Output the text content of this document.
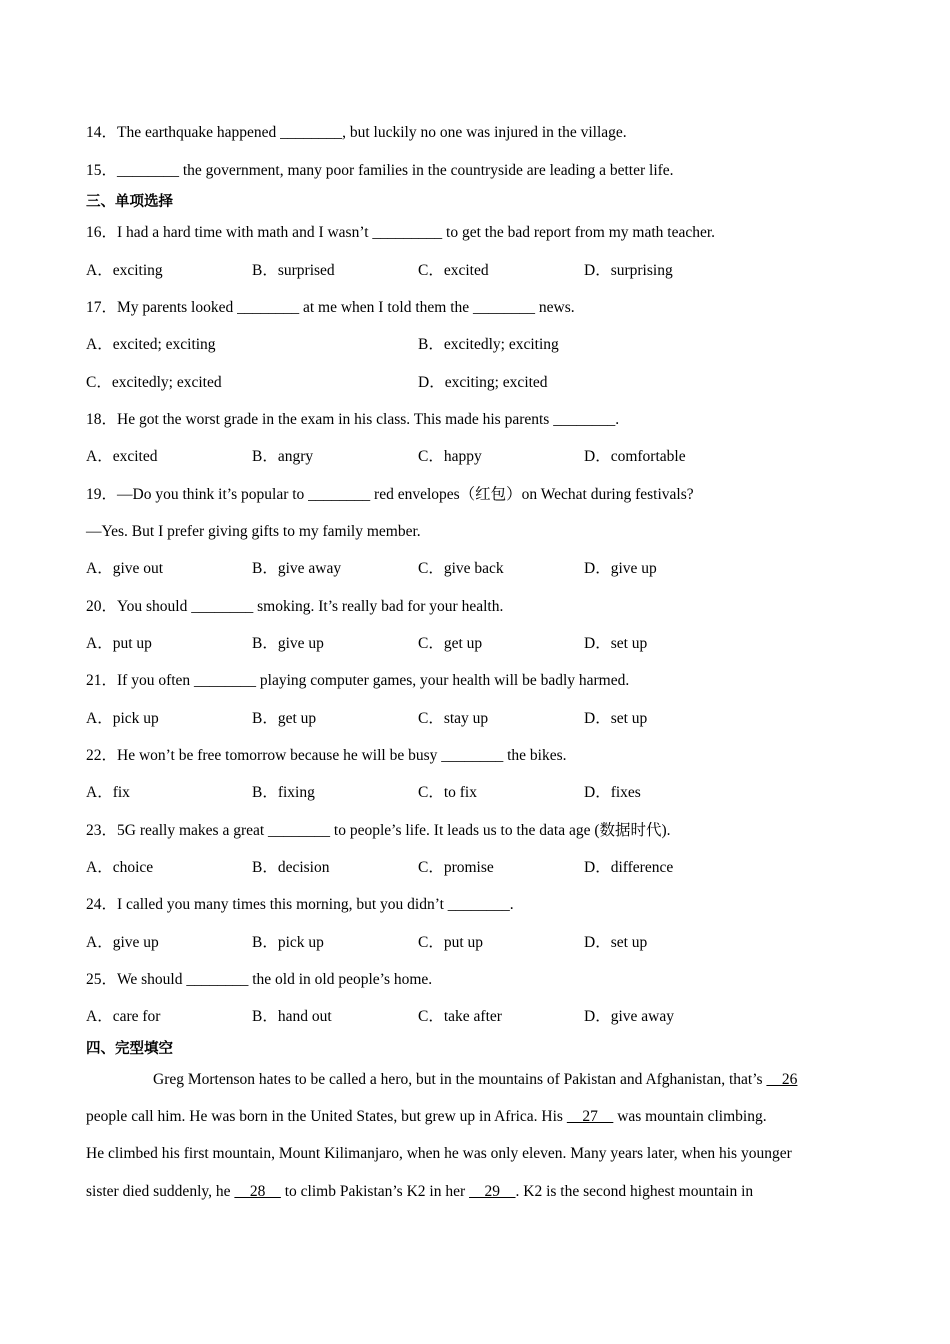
14．The earthquake happened ________, but luckily no one was injured in the village.
15．________ the government, many poor families in the countryside are leading a better life.
三、单项选择
16．I had a hard time with math and I wasn’t _________ to get the bad report from my math teacher.
A．exciting	B．surprised	C．excited	D．surprising
17．My parents looked ________ at me when I told them the ________ news.
A．excited; exciting	B．excitedly; exciting
C．excitedly; excited	D．exciting; excited
18．He got the worst grade in the exam in his class. This made his parents ________.
A．excited	B．angry	C．happy	D．comfortable
19．—Do you think it’s popular to ________ red envelopes（红包）on Wechat during festivals?
—Yes. But I prefer giving gifts to my family member.
A．give out	B．give away	C．give back	D．give up
20．You should ________ smoking. It’s really bad for your health.
A．put up	B．give up	C．get up	D．set up
21．If you often ________ playing computer games, your health will be badly harmed.
A．pick up	B．get up	C．stay up	D．set up
22．He won’t be free tomorrow because he will be busy ________ the bikes.
A．fix	B．fixing	C．to fix	D．fixes
23．5G really makes a great ________ to people’s life. It leads us to the data age (数据时代).
A．choice	B．decision	C．promise	D．difference
24．I called you many times this morning, but you didn’t ________.
A．give up	B．pick up	C．put up	D．set up
25．We should ________ the old in old people’s home.
A．care for	B．hand out	C．take after	D．give away
四、完型填空
Greg Mortenson hates to be called a hero, but in the mountains of Pakistan and Afghanistan, that’s     26
people call him. He was born in the United States, but grew up in Africa. His     27     was mountain climbing.
He climbed his first mountain, Mount Kilimanjaro, when he was only eleven. Many years later, when his younger
sister died suddenly, he     28     to climb Pakistan’s K2 in her     29    . K2 is the second highest mountain in
